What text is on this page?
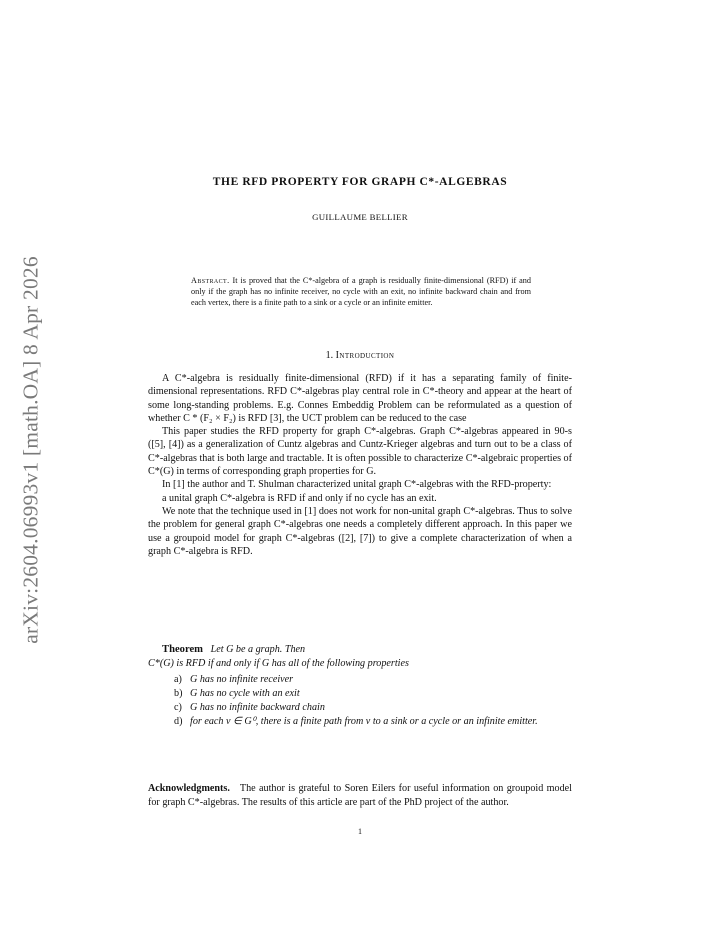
arXiv:2604.06993v1 [math.OA] 8 Apr 2026
THE RFD PROPERTY FOR GRAPH C*-ALGEBRAS
GUILLAUME BELLIER
Abstract. It is proved that the C*-algebra of a graph is residually finite-dimensional (RFD) if and only if the graph has no infinite receiver, no cycle with an exit, no infinite backward chain and from each vertex, there is a finite path to a sink or a cycle or an infinite emitter.
1. Introduction

A C*-algebra is residually finite-dimensional (RFD) if it has a separating family of finite-dimensional representations. RFD C*-algebras play central role in C*-theory and appear at the heart of some long-standing problems. E.g. Connes Embeddig Problem can be reformulated as a question of whether C * (F₂ × F₂) is RFD [3], the UCT problem can be reduced to the case

This paper studies the RFD property for graph C*-algebras. Graph C*-algebras appeared in 90-s ([5], [4]) as a generalization of Cuntz algebras and Cuntz-Krieger algebras and turn out to be a class of C*-algebras that is both large and tractable. It is often possible to characterize C*-algebraic properties of C*(G) in terms of corresponding graph properties for G.

In [1] the author and T. Shulman characterized unital graph C*-algebras with the RFD-property:

a unital graph C*-algebra is RFD if and only if no cycle has an exit.

We note that the technique used in [1] does not work for non-unital graph C*-algebras. Thus to solve the problem for general graph C*-algebras one needs a completely different approach. In this paper we use a groupoid model for graph C*-algebras ([2], [7]) to give a complete characterization of when a graph C*-algebra is RFD.

Theorem Let G be a graph. Then
C*(G) is RFD if and only if G has all of the following properties
a) G has no infinite receiver
b) G has no cycle with an exit
c) G has no infinite backward chain
d) for each v ∈ G⁰, there is a finite path from v to a sink or a cycle or an infinite emitter.
Acknowledgments. The author is grateful to Soren Eilers for useful information on groupoid model for graph C*-algebras. The results of this article are part of the PhD project of the author.
1
